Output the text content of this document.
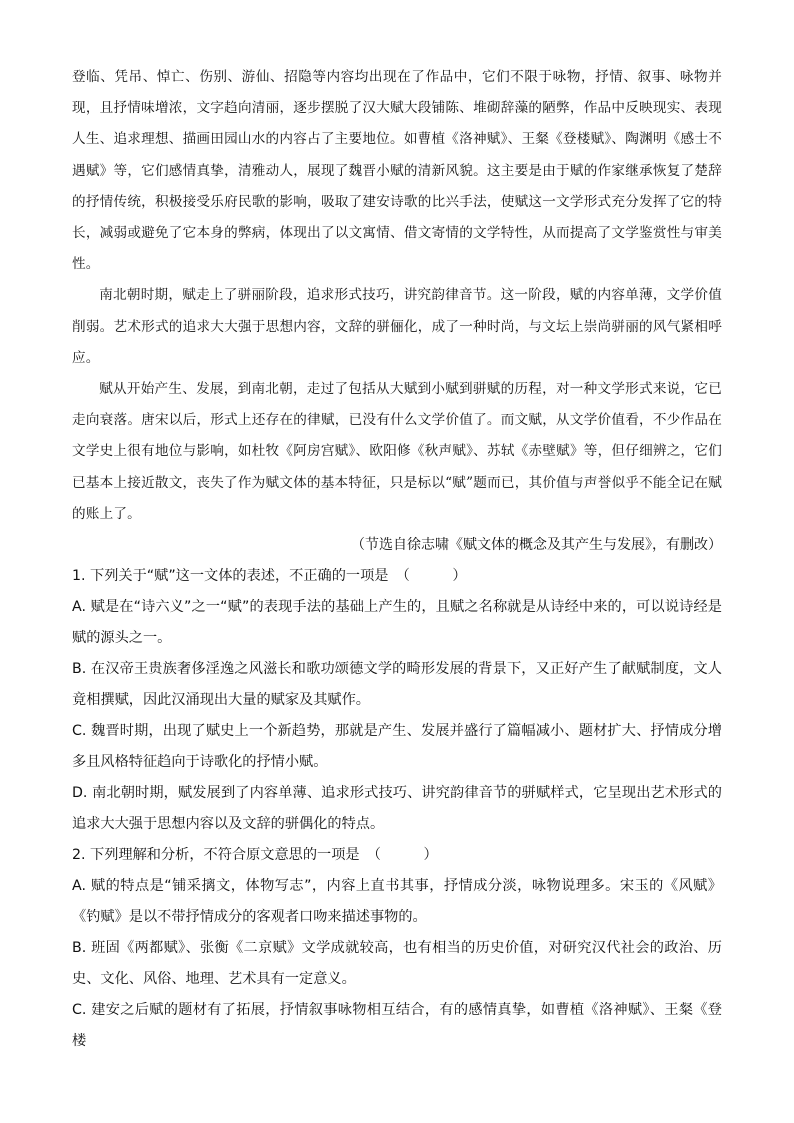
登临、凭吊、悼亡、伤别、游仙、招隐等内容均出现在了作品中，它们不限于咏物，抒情、叙事、咏物并现，且抒情味增浓，文字趋向清丽，逐步摆脱了汉大赋大段铺陈、堆砌辞藻的陋弊，作品中反映现实、表现人生、追求理想、描画田园山水的内容占了主要地位。如曹植《洛神赋》、王粲《登楼赋》、陶渊明《感士不遇赋》等，它们感情真挚，清雅动人，展现了魏晋小赋的清新风貌。这主要是由于赋的作家继承恢复了楚辞的抒情传统，积极接受乐府民歌的影响，吸取了建安诗歌的比兴手法，使赋这一文学形式充分发挥了它的特长，减弱或避免了它本身的弊病，体现出了以文寓情、借文寄情的文学特性，从而提高了文学鉴赏性与审美性。

南北朝时期，赋走上了骈丽阶段，追求形式技巧，讲究韵律音节。这一阶段，赋的内容单薄，文学价值削弱。艺术形式的追求大大强于思想内容，文辞的骈俪化，成了一种时尚，与文坛上崇尚骈丽的风气紧相呼应。

赋从开始产生、发展，到南北朝，走过了包括从大赋到小赋到骈赋的历程，对一种文学形式来说，它已走向衰落。唐宋以后，形式上还存在的律赋，已没有什么文学价值了。而文赋，从文学价值看，不少作品在文学史上很有地位与影响，如杜牧《阿房宫赋》、欧阳修《秋声赋》、苏轼《赤壁赋》等，但仔细辨之，它们已基本上接近散文，丧失了作为赋文体的基本特征，只是标以“赋”题而已，其价值与声誉似乎不能全记在赋的账上了。

（节选自徐志啸《赋文体的概念及其产生与发展》，有删改）

1. 下列关于“赋”这一文体的表述，不正确的一项是　（　　　）

A. 赋是在“诗六义”之一“赋”的表现手法的基础上产生的，且赋之名称就是从诗经中来的，可以说诗经是赋的源头之一。

B. 在汉帝王贵族奢侈淫逸之风滋长和歌功颂德文学的畸形发展的背景下，又正好产生了献赋制度，文人竟相撰赋，因此汉涌现出大量的赋家及其赋作。

C. 魏晋时期，出现了赋史上一个新趋势，那就是产生、发展并盛行了篇幅减小、题材扩大、抒情成分增多且风格特征趋向于诗歌化的抒情小赋。

D. 南北朝时期，赋发展到了内容单薄、追求形式技巧、讲究韵律音节的骈赋样式，它呈现出艺术形式的追求大大强于思想内容以及文辞的骈偶化的特点。

2. 下列理解和分析，不符合原文意思的一项是　（　　　）

A. 赋的特点是“铺采摛文，体物写志”，内容上直书其事，抒情成分淡，咏物说理多。宋玉的《风赋》《钓赋》是以不带抒情成分的客观者口吻来描述事物的。

B. 班固《两都赋》、张衡《二京赋》文学成就较高，也有相当的历史价值，对研究汉代社会的政治、历史、文化、风俗、地理、艺术具有一定意义。

C. 建安之后赋的题材有了拓展，抒情叙事咏物相互结合，有的感情真挚，如曹植《洛神赋》、王粲《登楼
